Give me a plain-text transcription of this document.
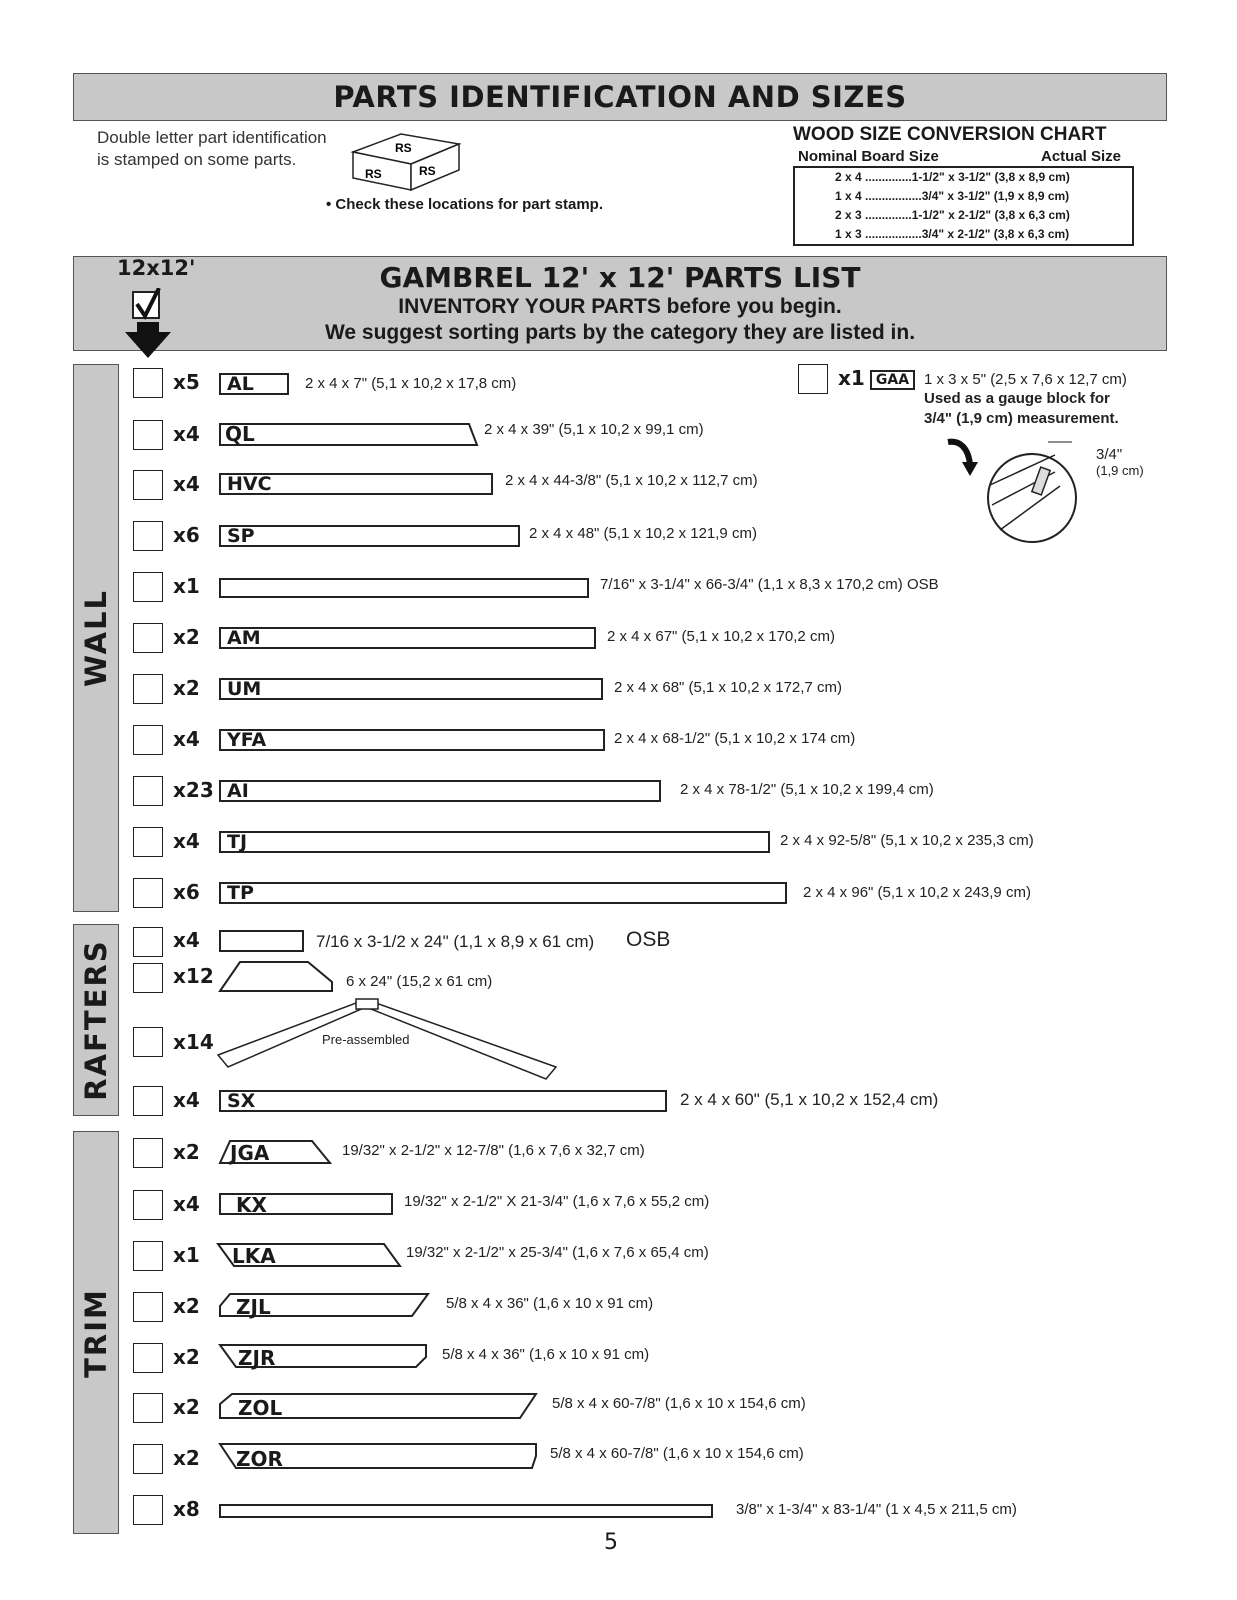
PARTS IDENTIFICATION AND SIZES
Double letter part identification
is stamped on some parts.
RS
RS	RS
• Check these locations for part stamp.
WOOD SIZE CONVERSION CHART
Nominal Board Size	Actual Size
2 x 4 ..............1-1/2" x 3-1/2" (3,8 x 8,9 cm)
1 x 4 .................3/4" x 3-1/2" (1,9 x 8,9 cm)
2 x 3 ..............1-1/2" x 2-1/2" (3,8 x 6,3 cm)
1 x 3 .................3/4" x 2-1/2" (3,8 x 6,3 cm)
GAMBREL 12' x 12' PARTS LIST
INVENTORY YOUR PARTS before you begin.
We suggest sorting parts by the category they are listed in.
12x12'
WALL
RAFTERS
TRIM
x1 GAA 1 x 3 x 5" (2,5 x 7,6 x 12,7 cm)
Used as a gauge block for
3/4" (1,9 cm) measurement.
3/4"
(1,9 cm)
x5 AL	2 x 4 x 7" (5,1 x 10,2 x 17,8 cm)
x4 QL	2 x 4 x 39" (5,1 x 10,2 x 99,1 cm)
x4 HVC	2 x 4 x 44-3/8" (5,1 x 10,2 x 112,7 cm)
x6 SP	2 x 4 x 48" (5,1 x 10,2 x 121,9 cm)
x1	7/16" x 3-1/4" x 66-3/4" (1,1 x 8,3 x 170,2 cm) OSB
x2 AM	2 x 4 x 67" (5,1 x 10,2 x 170,2 cm)
x2 UM	2 x 4 x 68" (5,1 x 10,2 x 172,7 cm)
x4 YFA	2 x 4 x 68-1/2" (5,1 x 10,2 x 174 cm)
x23 AI	2 x 4 x 78-1/2" (5,1 x 10,2 x 199,4 cm)
x4 TJ	2 x 4 x 92-5/8" (5,1 x 10,2 x 235,3 cm)
x6 TP	2 x 4 x 96" (5,1 x 10,2 x 243,9 cm)
x4	7/16 x 3-1/2 x 24" (1,1 x 8,9 x 61 cm) OSB
x12	6 x 24" (15,2 x 61 cm)
x14	Pre-assembled
x4 SX	2 x 4 x 60" (5,1 x 10,2 x 152,4 cm)
x2 JGA	19/32" x 2-1/2" x 12-7/8" (1,6 x 7,6 x 32,7 cm)
x4 KX	19/32" x 2-1/2" X 21-3/4" (1,6 x 7,6 x 55,2 cm)
x1 LKA	19/32" x 2-1/2" x 25-3/4" (1,6 x 7,6 x 65,4 cm)
x2 ZJL	5/8 x 4 x 36" (1,6 x 10 x 91 cm)
x2 ZJR	5/8 x 4 x 36" (1,6 x 10 x 91 cm)
x2 ZOL	5/8 x 4 x 60-7/8" (1,6 x 10 x 154,6 cm)
x2 ZOR	5/8 x 4 x 60-7/8" (1,6 x 10 x 154,6 cm)
x8	3/8" x 1-3/4" x 83-1/4" (1 x 4,5 x 211,5 cm)
5
